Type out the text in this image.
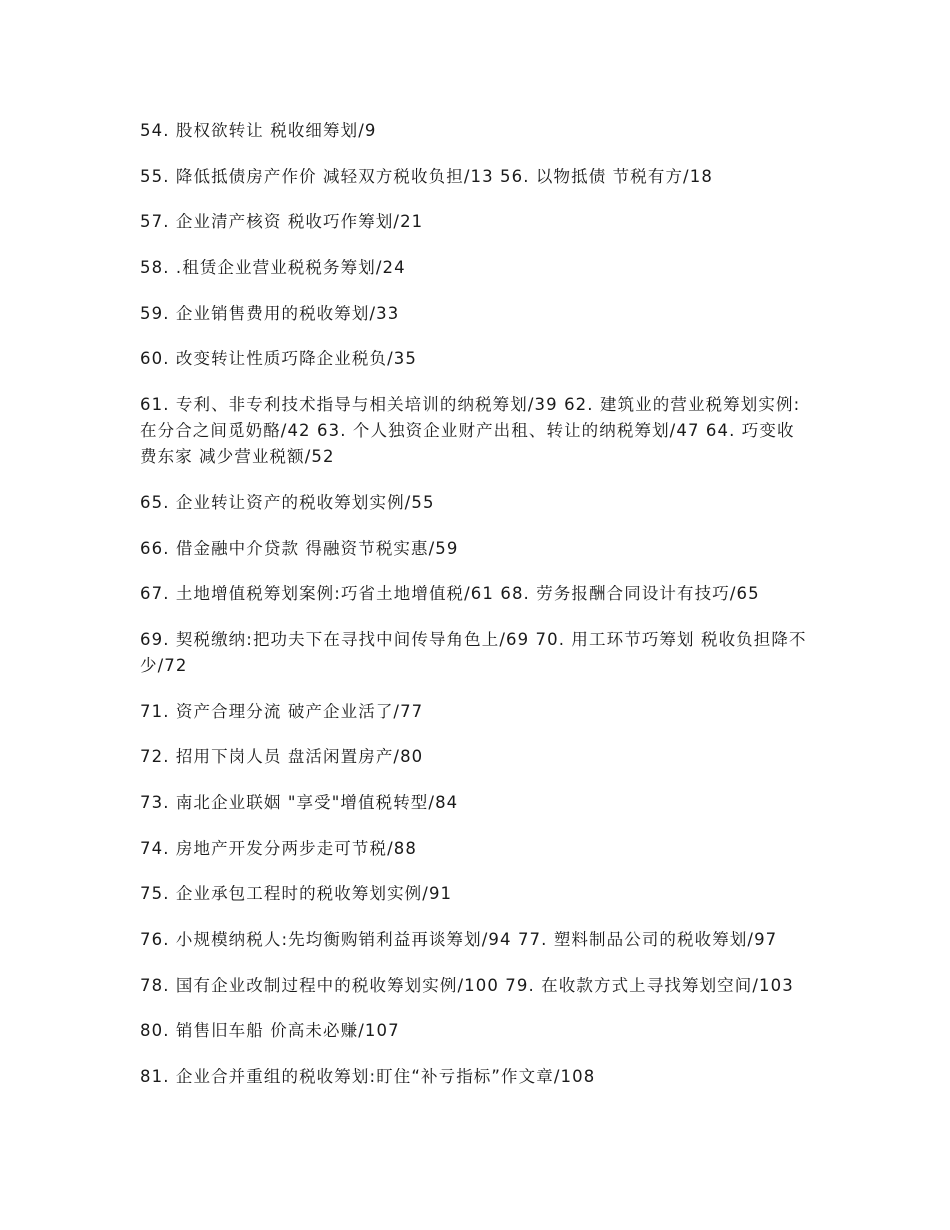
54. 股权欲转让 税收细筹划/9
55. 降低抵债房产作价 减轻双方税收负担/13 56. 以物抵债 节税有方/18
57. 企业清产核资 税收巧作筹划/21
58. .租赁企业营业税税务筹划/24
59. 企业销售费用的税收筹划/33
60. 改变转让性质巧降企业税负/35
61. 专利、非专利技术指导与相关培训的纳税筹划/39 62. 建筑业的营业税筹划实例:在分合之间觅奶酪/42 63. 个人独资企业财产出租、转让的纳税筹划/47 64. 巧变收费东家 减少营业税额/52
65. 企业转让资产的税收筹划实例/55
66. 借金融中介贷款 得融资节税实惠/59
67. 土地增值税筹划案例:巧省土地增值税/61 68. 劳务报酬合同设计有技巧/65
69. 契税缴纳:把功夫下在寻找中间传导角色上/69 70. 用工环节巧筹划 税收负担降不少/72
71. 资产合理分流 破产企业活了/77
72. 招用下岗人员 盘活闲置房产/80
73. 南北企业联姻 "享受"增值税转型/84
74. 房地产开发分两步走可节税/88
75. 企业承包工程时的税收筹划实例/91
76. 小规模纳税人:先均衡购销利益再谈筹划/94 77. 塑料制品公司的税收筹划/97
78. 国有企业改制过程中的税收筹划实例/100 79. 在收款方式上寻找筹划空间/103
80. 销售旧车船 价高未必赚/107
81. 企业合并重组的税收筹划:盯住“补亏指标”作文章/108
